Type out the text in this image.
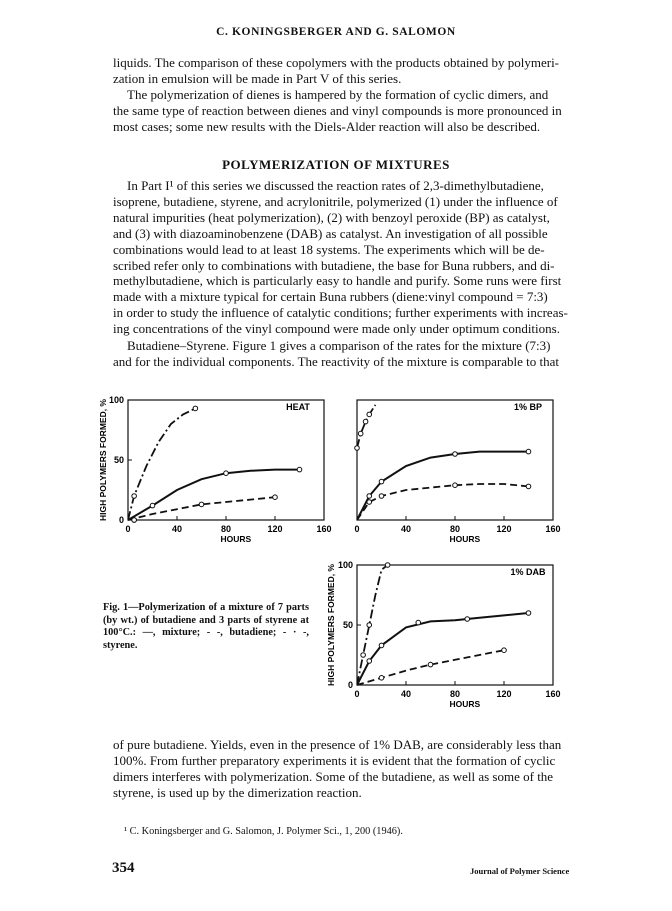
C. KONINGSBERGER AND G. SALOMON
liquids. The comparison of these copolymers with the products obtained by polymeri-
zation in emulsion will be made in Part V of this series.
The polymerization of dienes is hampered by the formation of cyclic dimers, and
the same type of reaction between dienes and vinyl compounds is more pronounced in
most cases; some new results with the Diels-Alder reaction will also be described.
POLYMERIZATION OF MIXTURES
In Part I¹ of this series we discussed the reaction rates of 2,3-dimethylbutadiene,
isoprene, butadiene, styrene, and acrylonitrile, polymerized (1) under the influence of
natural impurities (heat polymerization), (2) with benzoyl peroxide (BP) as catalyst,
and (3) with diazoaminobenzene (DAB) as catalyst. An investigation of all possible
combinations would lead to at least 18 systems. The experiments which will be de-
scribed refer only to combinations with butadiene, the base for Buna rubbers, and di-
methylbutadiene, which is particularly easy to handle and purify. Some runs were first
made with a mixture typical for certain Buna rubbers (diene:vinyl compound = 7:3)
in order to study the influence of catalytic conditions; further experiments with increas-
ing concentrations of the vinyl compound were made only under optimum conditions.
Butadiene–Styrene. Figure 1 gives a comparison of the rates for the mixture (7:3)
and for the individual components. The reactivity of the mixture is comparable to that
0	40	80	120	160
0
50
100
HOURS
HIGH POLYMERS FORMED, %	HEAT
0	40	80	120	160
HOURS
1% BP
0	40	80	120	160
0
50
100
HOURS
HIGH POLYMERS FORMED, %	1% DAB
Fig. 1—Polymerization of a mixture of 7 parts (by wt.) of butadiene and 3 parts of styrene at 100°C.: —, mixture; - -, butadiene; - · -, styrene.
of pure butadiene. Yields, even in the presence of 1% DAB, are considerably less than
100%. From further preparatory experiments it is evident that the formation of cyclic
dimers interferes with polymerization. Some of the butadiene, as well as some of the
styrene, is used up by the dimerization reaction.
¹ C. Koningsberger and G. Salomon, J. Polymer Sci., 1, 200 (1946).
354	Journal of Polymer Science
